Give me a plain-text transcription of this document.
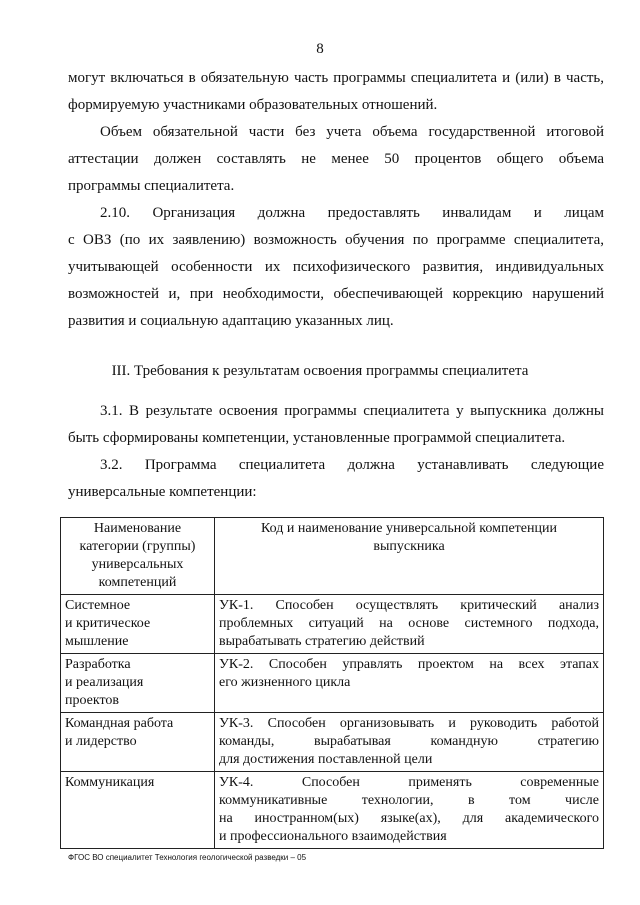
8
могут включаться в обязательную часть программы специалитета и (или) в часть,
формируемую участниками образовательных отношений.
Объем обязательной части без учета объема государственной итоговой
аттестации должен составлять не менее 50 процентов общего объема
программы специалитета.
2.10. Организация должна предоставлять инвалидам и лицам
с ОВЗ (по их заявлению) возможность обучения по программе специалитета,
учитывающей особенности их психофизического развития, индивидуальных
возможностей и, при необходимости, обеспечивающей коррекцию нарушений
развития и социальную адаптацию указанных лиц.
III. Требования к результатам освоения программы специалитета
3.1. В результате освоения программы специалитета у выпускника должны
быть сформированы компетенции, установленные программой специалитета.
3.2. Программа специалитета должна устанавливать следующие
универсальные компетенции:
Наименование
категории (группы)
универсальных
компетенций	Код и наименование универсальной компетенции
выпускника

Системное
и критическое
мышление	УК-1. Способен осуществлять критический анализ
проблемных ситуаций на основе системного подхода,
вырабатывать стратегию действий

Разработка
и реализация
проектов	УК-2. Способен управлять проектом на всех этапах
его жизненного цикла

Командная работа
и лидерство	УК-3. Способен организовывать и руководить работой
команды, вырабатывая командную стратегию
для достижения поставленной цели

Коммуникация	УК-4. Способен применять современные
коммуникативные технологии, в том числе
на иностранном(ых) языке(ах), для академического
и профессионального взаимодействия
ФГОС ВО специалитет Технология геологической разведки – 05
